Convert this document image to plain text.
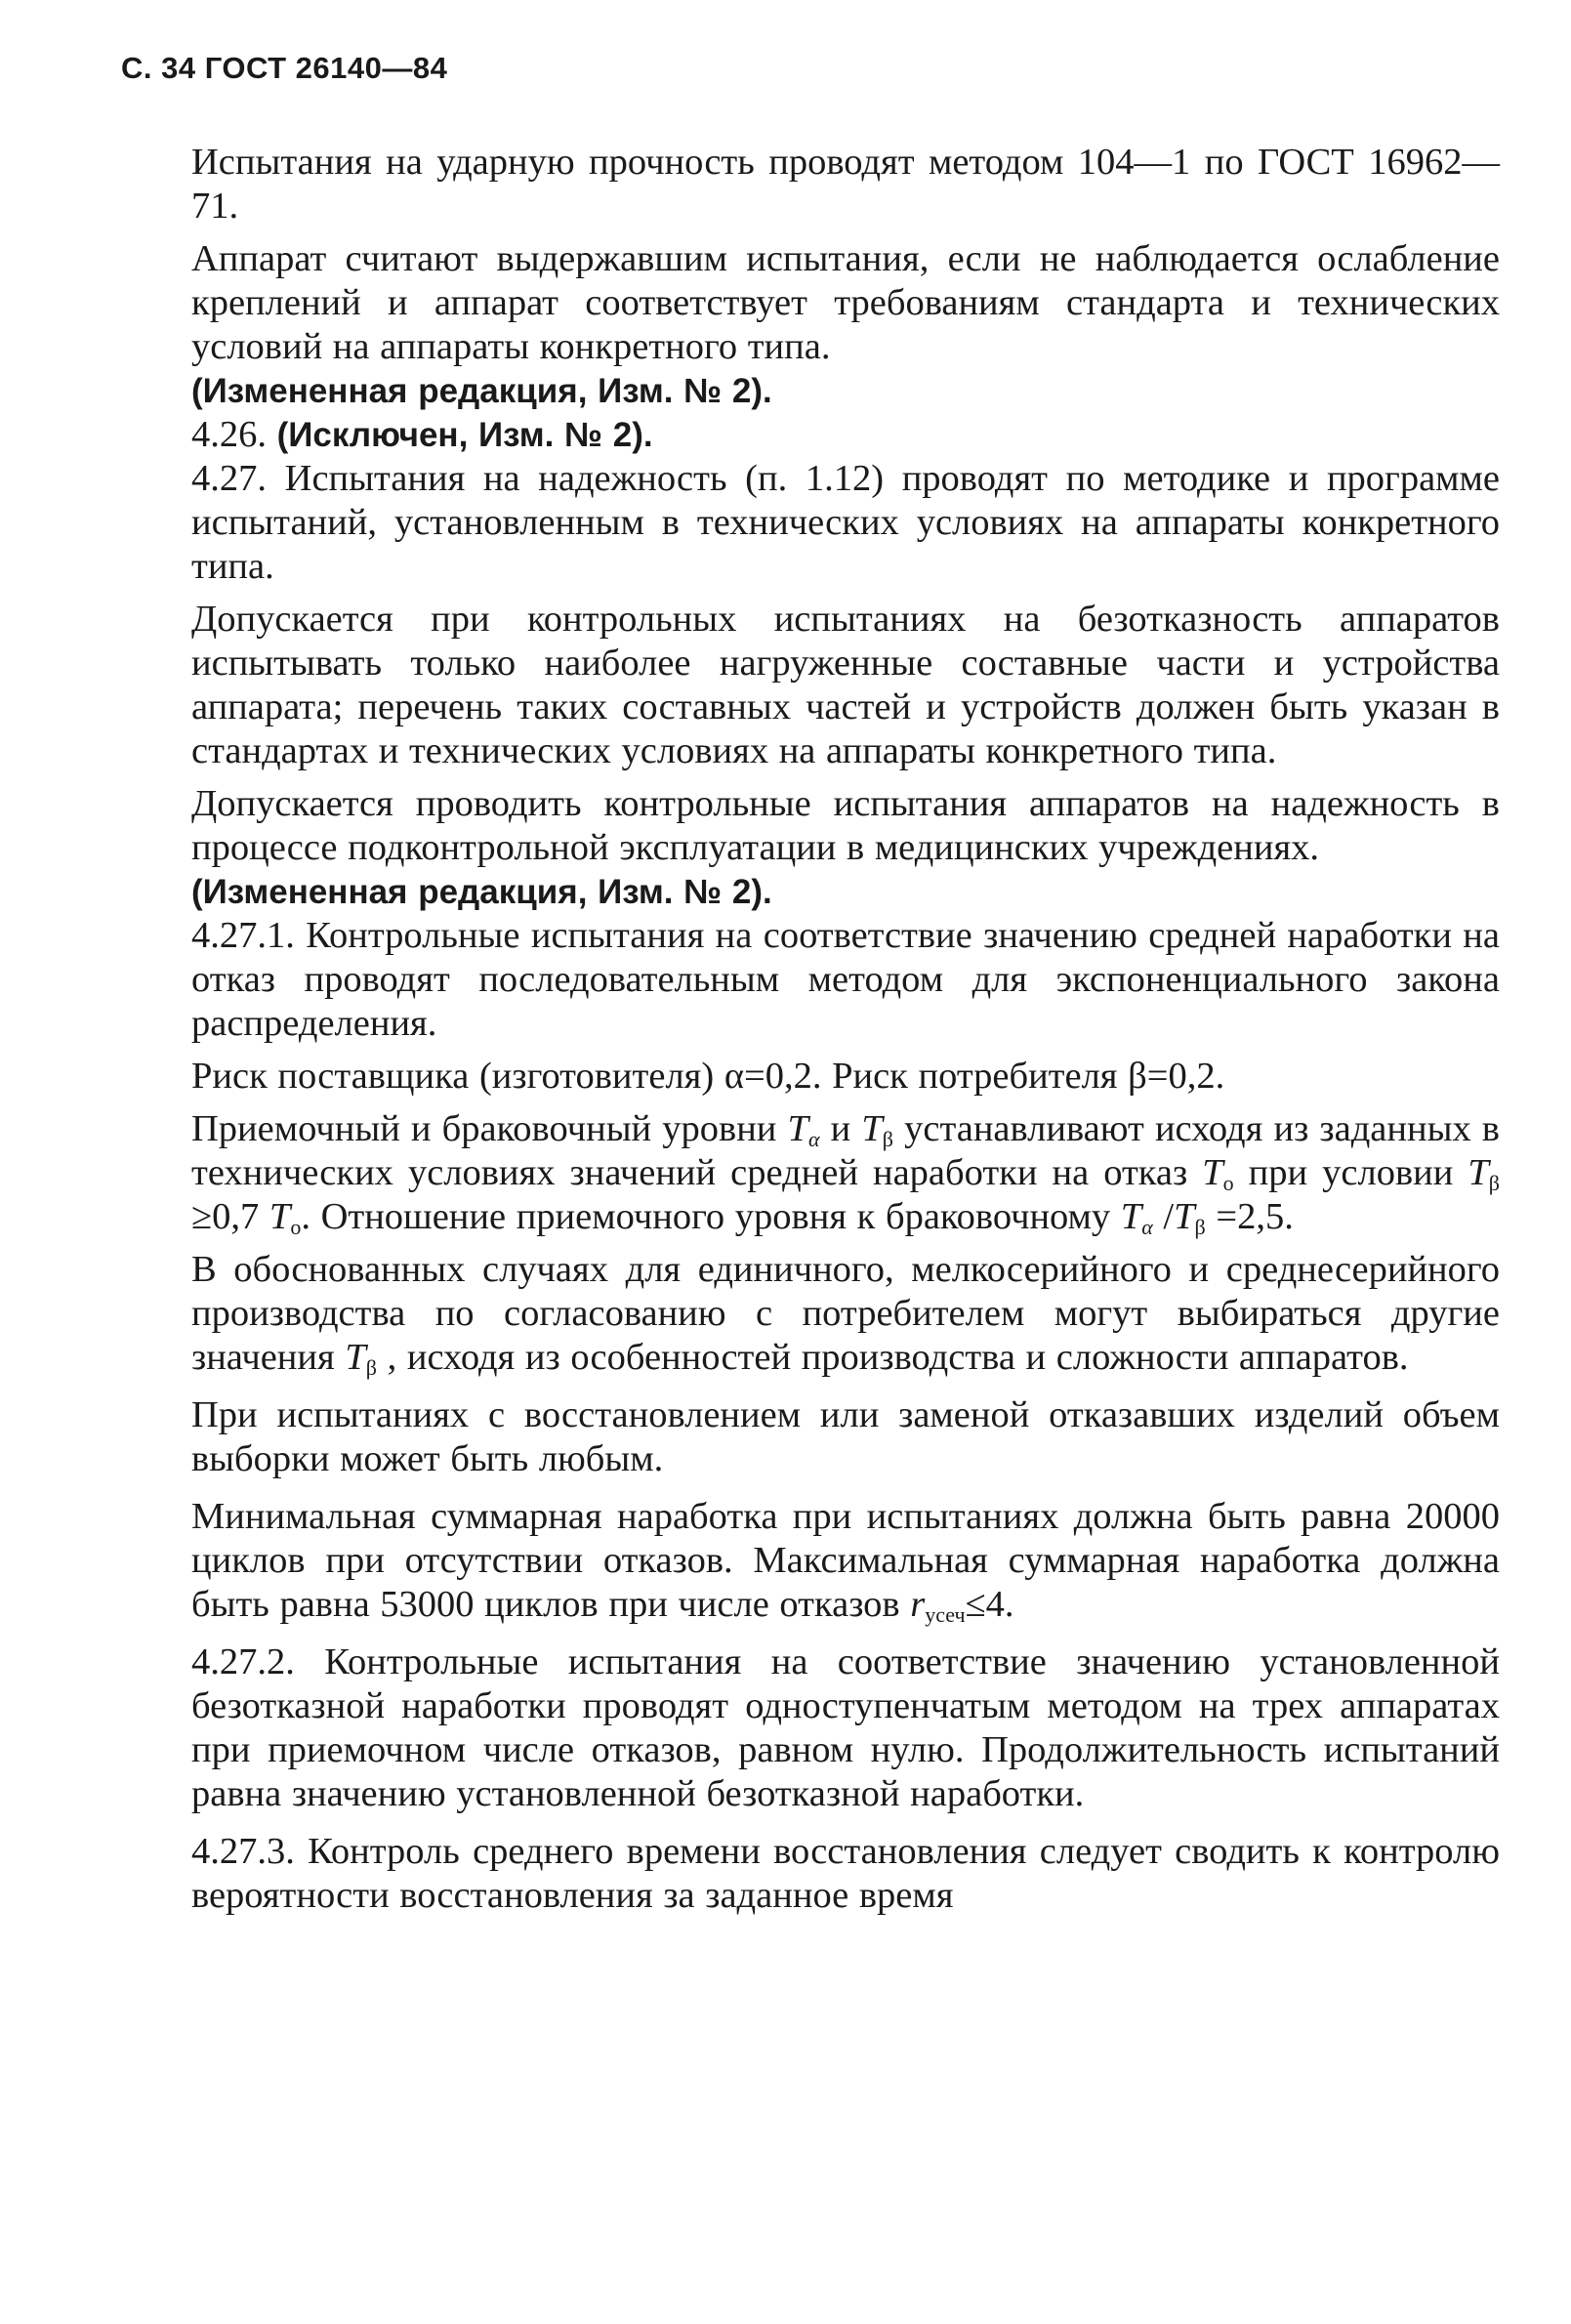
С. 34 ГОСТ 26140—84

Испытания на ударную прочность проводят методом 104—1 по ГОСТ 16962—71.

Аппарат считают выдержавшим испытания, если не наблюдается ослабление креплений и аппарат соответствует требованиям стандарта и технических условий на аппараты конкретного типа.

(Измененная редакция, Изм. № 2).

4.26. (Исключен, Изм. № 2).

4.27. Испытания на надежность (п. 1.12) проводят по методике и программе испытаний, установленным в технических условиях на аппараты конкретного типа.

Допускается при контрольных испытаниях на безотказность аппаратов испытывать только наиболее нагруженные составные части и устройства аппарата; перечень таких составных частей и устройств должен быть указан в стандартах и технических условиях на аппараты конкретного типа.

Допускается проводить контрольные испытания аппаратов на надежность в процессе подконтрольной эксплуатации в медицинских учреждениях.

(Измененная редакция, Изм. № 2).

4.27.1. Контрольные испытания на соответствие значению средней наработки на отказ проводят последовательным методом для экспоненциального закона распределения.

Риск поставщика (изготовителя) α=0,2. Риск потребителя β=0,2.

Приемочный и браковочный уровни $T_\alpha$ и $T_\beta$ устанавливают исходя из заданных в технических условиях значений средней наработки на отказ $T_o$ при условии $T_\beta \ge 0,7$ $T_o$. Отношение приемочного уровня к браковочному $T_\alpha$ $/T_\beta =2,5$.

В обоснованных случаях для единичного, мелкосерийного и среднесерийного производства по согласованию с потребителем могут выбираться другие значения $T_\beta$ , исходя из особенностей производства и сложности аппаратов.

При испытаниях с восстановлением или заменой отказавших изделий объем выборки может быть любым.

Минимальная суммарная наработка при испытаниях должна быть равна 20000 циклов при отсутствии отказов. Максимальная суммарная наработка должна быть равна 53000 циклов при числе отказов $r_{усеч}\le 4$.

4.27.2. Контрольные испытания на соответствие значению установленной безотказной наработки проводят одноступенчатым методом на трех аппаратах при приемочном числе отказов, равном нулю. Продолжительность испытаний равна значению установленной безотказной наработки.

4.27.3. Контроль среднего времени восстановления следует сводить к контролю вероятности восстановления за заданное время
